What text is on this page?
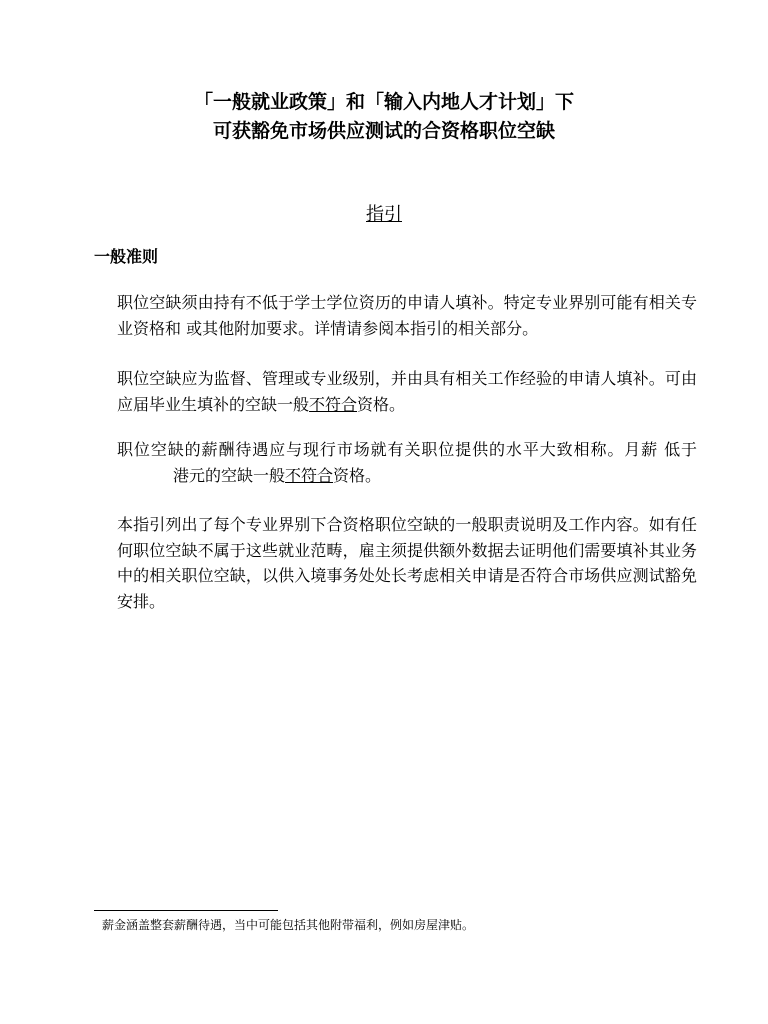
「一般就业政策」和「输入内地人才计划」下
可获豁免市场供应测试的合资格职位空缺
指引
一般准则

职位空缺须由持有不低于学士学位资历的申请人填补。特定专业界别可能有相关专业资格和 或其他附加要求。详情请参阅本指引的相关部分。

职位空缺应为监督、管理或专业级别，并由具有相关工作经验的申请人填补。可由应届毕业生填补的空缺一般不符合资格。

职位空缺的薪酬待遇应与现行市场就有关职位提供的水平大致相称。月薪 低于港元的空缺一般不符合资格。

本指引列出了每个专业界别下合资格职位空缺的一般职责说明及工作内容。如有任何职位空缺不属于这些就业范畴，雇主须提供额外数据去证明他们需要填补其业务中的相关职位空缺，以供入境事务处处长考虑相关申请是否符合市场供应测试豁免安排。

薪金涵盖整套薪酬待遇，当中可能包括其他附带福利，例如房屋津贴。
